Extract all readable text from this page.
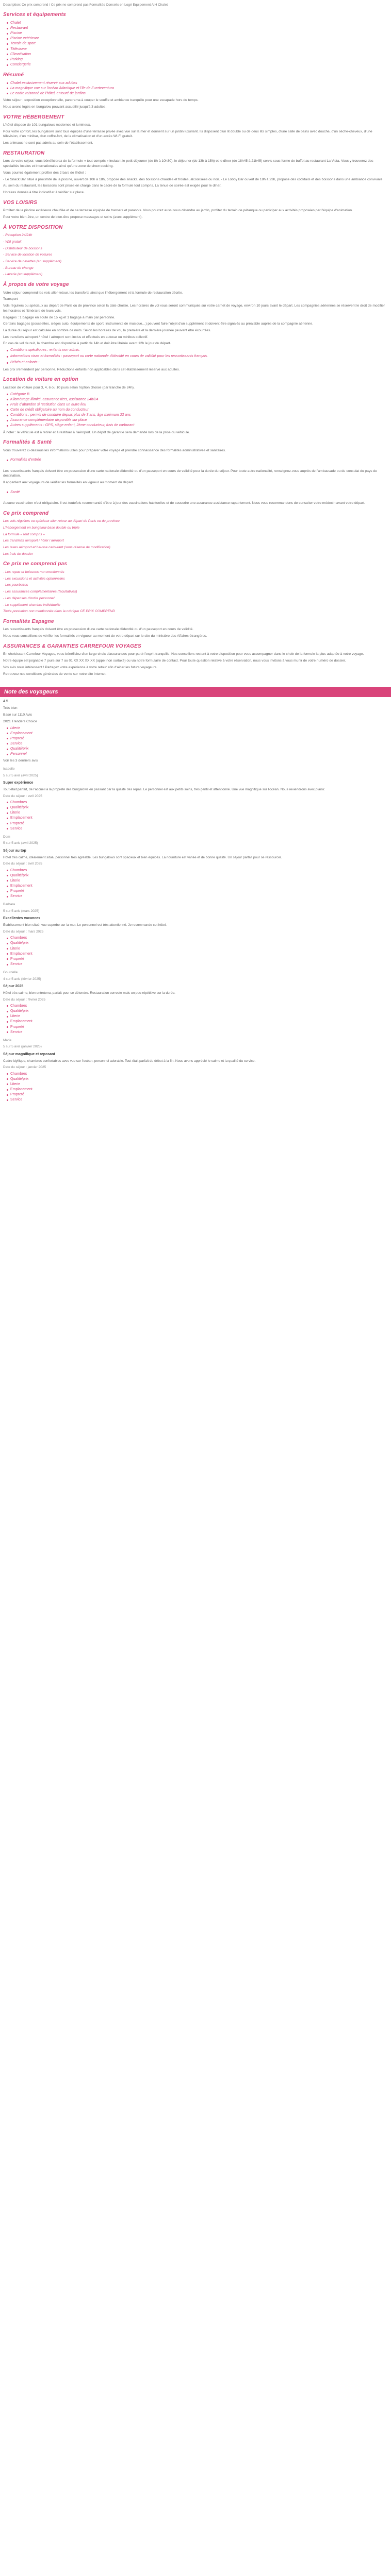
Description: Ce prix comprend / Ce prix ne comprend pas Formalités Conseils en Logé Equipement AIH Chalet

Services et équipements
Chalet
Restaurant
Piscine
Piscine extérieure
Terrain de sport
Téléviseur
Climatisation
Parking
Conciergerie
Résumé
Chalet exclusivement réservé aux adultes
La magnifique vue sur l'océan Atlantique et l'île de Fuerteventura
Le cadre raisonné de l'hôtel, entouré de jardins

Votre séjour : exposition exceptionnelle, panorama à couper le souffle et ambiance tranquille pour une escapade hors du temps.

Nous avons logés en bungalow pouvant accueillir jusqu'à 3 adultes.

VOTRE HÉBERGEMENT

L'hôtel dispose de 101 bungalows modernes et lumineux.

Pour votre confort, les bungalows sont tous équipés d'une terrasse privée avec vue sur la mer et donnent sur un jardin luxuriant. Ils disposent d'un lit double ou de deux lits simples, d'une salle de bains avec douche, d'un sèche-cheveux, d'une télévision, d'un minibar, d'un coffre-fort, de la climatisation et d'un accès Wi-Fi gratuit.

Les animaux ne sont pas admis au sein de l'établissement.

RESTAURATION

Lors de votre séjour, vous bénéficierez de la formule « tout compris » incluant le petit-déjeuner (de 8h à 10h30), le déjeuner (de 13h à 15h) et le dîner (de 18h45 à 21h45) servis sous forme de buffet au restaurant La Vista. Vous y trouverez des spécialités locales et internationales ainsi qu'une zone de show cooking.

Vous pourrez également profiter des 2 bars de l'hôtel :

- Le Snack Bar situé à proximité de la piscine, ouvert de 10h à 18h, propose des snacks, des boissons chaudes et froides, alcoolisées ou non. - Le Lobby Bar ouvert de 18h à 23h, propose des cocktails et des boissons dans une ambiance conviviale.

Au sein du restaurant, les boissons sont prises en charge dans le cadre de la formule tout compris. La tenue de soirée est exigée pour le dîner.

Horaires donnés à titre indicatif et à vérifier sur place.

VOS LOISIRS

Profitez de la piscine extérieure chauffée et de sa terrasse équipée de transats et parasols. Vous pourrez aussi vous détendre au jardin, profiter du terrain de pétanque ou participer aux activités proposées par l'équipe d'animation.

Pour votre bien-être, un centre de bien-être propose massages et soins (avec supplément).

À VOTRE DISPOSITION

- Réception 24/24h

- Wifi gratuit

- Distributeur de boissons

- Service de location de voitures

- Service de navettes (en supplément)

- Bureau de change

- Laverie (en supplément)

À propos de votre voyage

Votre séjour comprend les vols aller-retour, les transferts ainsi que l'hébergement et la formule de restauration décrite.

Transport

Vols réguliers ou spéciaux au départ de Paris ou de province selon la date choisie. Les horaires de vol vous seront communiqués sur votre carnet de voyage, environ 10 jours avant le départ. Les compagnies aériennes se réservent le droit de modifier les horaires et l'itinéraire de leurs vols.

Bagages : 1 bagage en soute de 15 kg et 1 bagage à main par personne.

Certains bagages (poussettes, sièges auto, équipements de sport, instruments de musique…) peuvent faire l'objet d'un supplément et doivent être signalés au préalable auprès de la compagnie aérienne.

La durée du séjour est calculée en nombre de nuits. Selon les horaires de vol, la première et la dernière journée peuvent être écourtées.

Les transferts aéroport / hôtel / aéroport sont inclus et effectués en autocar ou minibus collectif.

En cas de vol de nuit, la chambre est disponible à partir de 14h et doit être libérée avant 12h le jour du départ.

Conditions spécifiques : enfants non admis.
Informations visas et formalités : passeport ou carte nationale d'identité en cours de validité pour les ressortissants français.
Bébés et enfants :

Les prix s'entendent par personne. Réductions enfants non applicables dans cet établissement réservé aux adultes.

Location de voiture en option

Location de voiture pour 3, 4, 6 ou 10 jours selon l'option choisie (par tranche de 24h).

Catégorie B
Kilométrage illimité, assurance tiers, assistance 24h/24
Frais d'abandon si restitution dans un autre lieu
Carte de crédit obligatoire au nom du conducteur
Conditions : permis de conduire depuis plus de 3 ans, âge minimum 23 ans
Assurance complémentaire disponible sur place
Autres suppléments : GPS, siège enfant, 2ème conducteur, frais de carburant

À noter : le véhicule est à retirer et à restituer à l'aéroport. Un dépôt de garantie sera demandé lors de la prise du véhicule.

Formalités & Santé

Vous trouverez ci-dessous les informations utiles pour préparer votre voyage et prendre connaissance des formalités administratives et sanitaires.

Formalités d'entrée

Les ressortissants français doivent être en possession d'une carte nationale d'identité ou d'un passeport en cours de validité pour la durée du séjour. Pour toute autre nationalité, renseignez-vous auprès de l'ambassade ou du consulat du pays de destination.

Il appartient aux voyageurs de vérifier les formalités en vigueur au moment du départ.

Santé

Aucune vaccination n'est obligatoire. Il est toutefois recommandé d'être à jour des vaccinations habituelles et de souscrire une assurance assistance rapatriement. Nous vous recommandons de consulter votre médecin avant votre départ.

Ce prix comprend

Les vols réguliers ou spéciaux aller-retour au départ de Paris ou de province

L'hébergement en bungalow base double ou triple

La formule « tout compris »

Les transferts aéroport / hôtel / aéroport

Les taxes aéroport et hausse carburant (sous réserve de modification)

Les frais de dossier

Ce prix ne comprend pas

- Les repas et boissons non mentionnés

- Les excursions et activités optionnelles

- Les pourboires

- Les assurances complémentaires (facultatives)

- Les dépenses d'ordre personnel

- Le supplément chambre individuelle

Toute prestation non mentionnée dans la rubrique CE PRIX COMPREND

Formalités Espagne

Les ressortissants français doivent être en possession d'une carte nationale d'identité ou d'un passeport en cours de validité.

Nous vous conseillons de vérifier les formalités en vigueur au moment de votre départ sur le site du ministère des Affaires étrangères.

ASSURANCES & GARANTIES CARREFOUR VOYAGES

En choisissant Carrefour Voyages, vous bénéficiez d'un large choix d'assurances pour partir l'esprit tranquille. Nos conseillers restent à votre disposition pour vous accompagner dans le choix de la formule la plus adaptée à votre voyage.

Notre équipe est joignable 7 jours sur 7 au 01 XX XX XX XX (appel non surtaxé) ou via notre formulaire de contact. Pour toute question relative à votre réservation, nous vous invitons à vous munir de votre numéro de dossier.

Vos avis nous intéressent ! Partagez votre expérience à votre retour afin d'aider les futurs voyageurs.

Retrouvez nos conditions générales de vente sur notre site internet.

Note des voyageurs
4.5

Très bien

Basé sur 1110 Avis

2021 Trenders Choice

Literie
Emplacement
Propreté
Service
Qualité/prix
Personnel

Voir les 3 derniers avis

Isabelle

5 sur 5 avis (avril 2025)

Super expérience

Tout était parfait, de l'accueil à la propreté des bungalows en passant par la qualité des repas. Le personnel est aux petits soins, très gentil et attentionné. Une vue magnifique sur l'océan. Nous reviendrons avec plaisir.

Date du séjour : avril 2025

Chambres
Qualité/prix
Literie
Emplacement
Propreté
Service

Dom

5 sur 5 avis (avril 2025)

Séjour au top

Hôtel très calme, idéalement situé, personnel très agréable. Les bungalows sont spacieux et bien équipés. La nourriture est variée et de bonne qualité. Un séjour parfait pour se ressourcer.

Date du séjour : avril 2025

Chambres
Qualité/prix
Literie
Emplacement
Propreté
Service

Barbara

5 sur 5 avis (mars 2025)

Excellentes vacances

Établissement bien situé, vue superbe sur la mer. Le personnel est très attentionné. Je recommande cet hôtel.

Date du séjour : mars 2025

Chambres
Qualité/prix
Literie
Emplacement
Propreté
Service

Gourdelle

4 sur 5 avis (février 2025)

Séjour 2025

Hôtel très calme, bien entretenu, parfait pour se détendre. Restauration correcte mais un peu répétitive sur la durée.

Date du séjour : février 2025

Chambres
Qualité/prix
Literie
Emplacement
Propreté
Service

Marie

5 sur 5 avis (janvier 2025)

Séjour magnifique et reposant

Cadre idyllique, chambres confortables avec vue sur l'océan, personnel adorable. Tout était parfait du début à la fin. Nous avons apprécié le calme et la qualité du service.

Date du séjour : janvier 2025

Chambres
Qualité/prix
Literie
Emplacement
Propreté
Service
